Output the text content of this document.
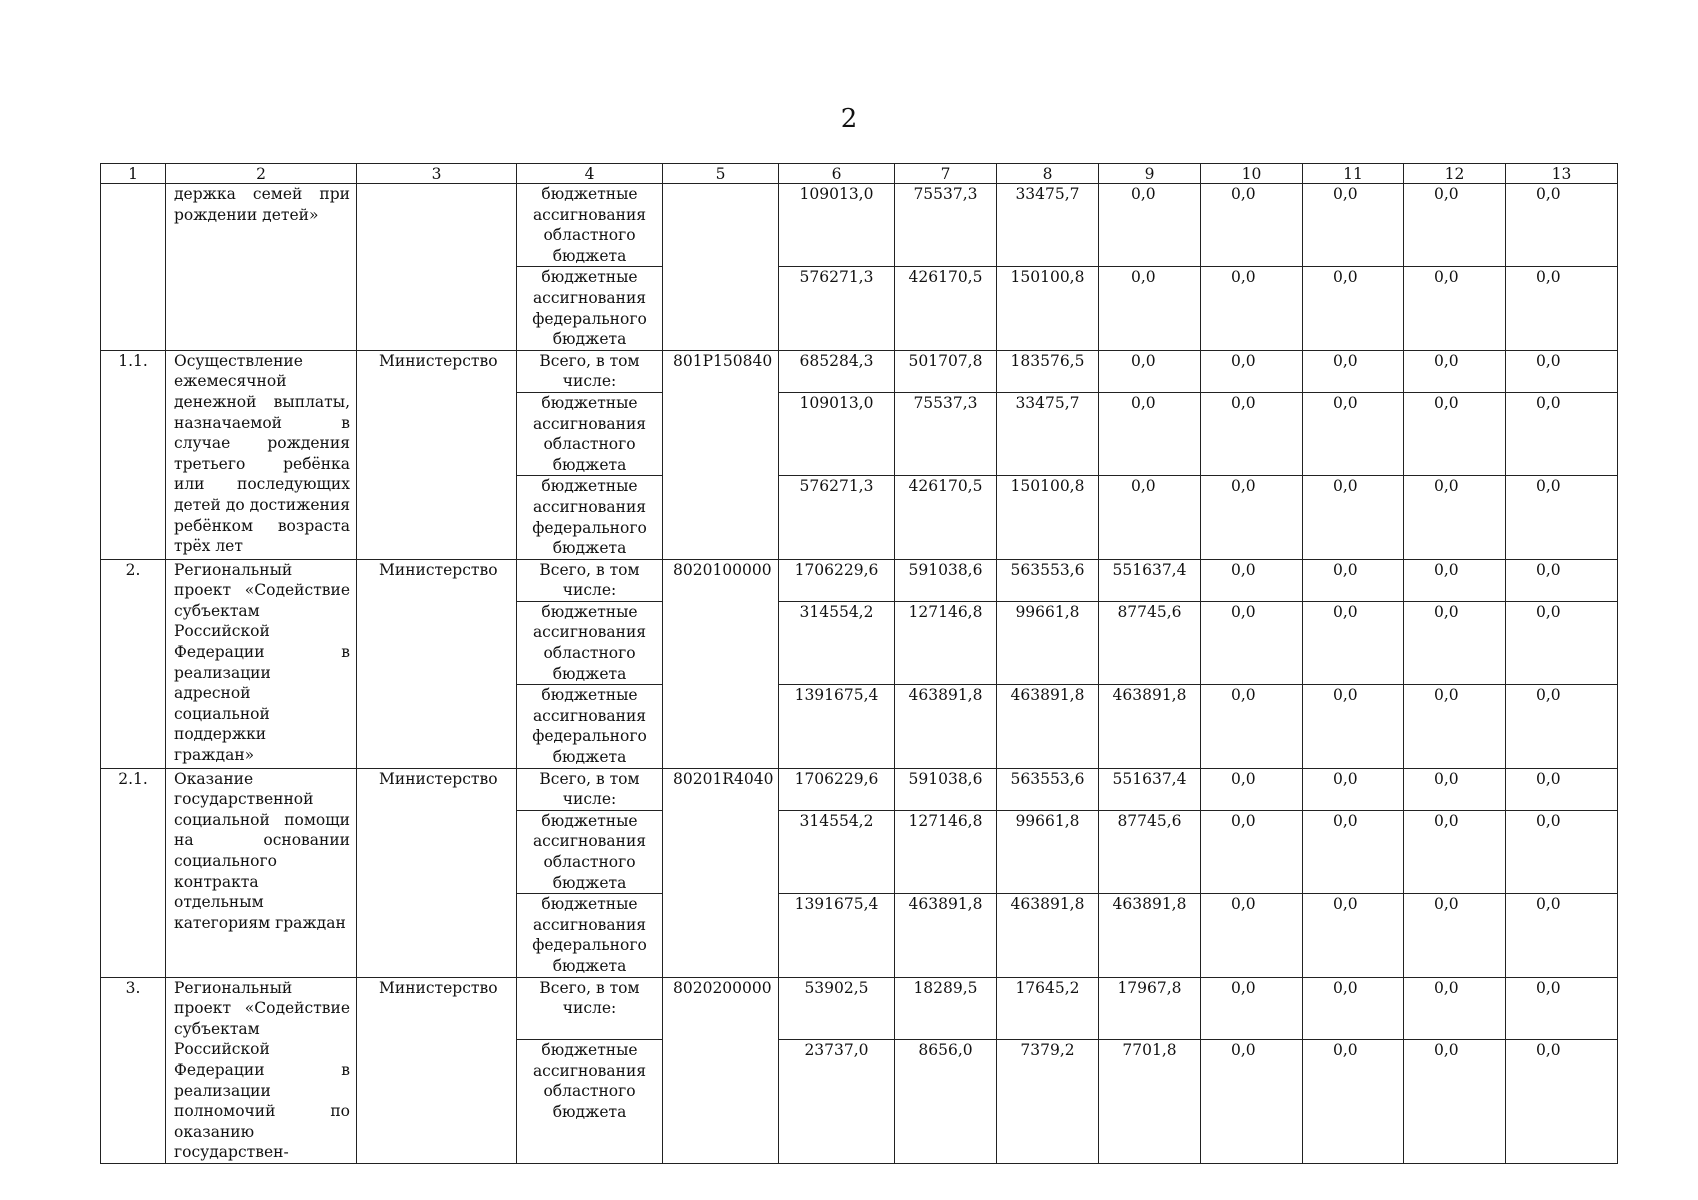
2
1	2	3	4	5	6	7	8	9	10	11	12	13
	держка семей при рождении детей»		бюджетные ассигнования областного бюджета		109013,0	75537,3	33475,7	0,0	0,0	0,0	0,0	0,0
			бюджетные ассигнования федерального бюджета		576271,3	426170,5	150100,8	0,0	0,0	0,0	0,0	0,0
1.1.	Осуществление ежемесячной денежной выплаты, назначаемой в случае рождения третьего ребёнка или последующих детей до достижения ребёнком возраста трёх лет	Министерство	Всего, в том числе:	801P150840	685284,3	501707,8	183576,5	0,0	0,0	0,0	0,0	0,0
			бюджетные ассигнования областного бюджета		109013,0	75537,3	33475,7	0,0	0,0	0,0	0,0	0,0
			бюджетные ассигнования федерального бюджета		576271,3	426170,5	150100,8	0,0	0,0	0,0	0,0	0,0
2.	Региональный проект «Содействие субъектам Российской Федерации в реализации адресной социальной поддержки граждан»	Министерство	Всего, в том числе:	8020100000	1706229,6	591038,6	563553,6	551637,4	0,0	0,0	0,0	0,0
			бюджетные ассигнования областного бюджета		314554,2	127146,8	99661,8	87745,6	0,0	0,0	0,0	0,0
			бюджетные ассигнования федерального бюджета		1391675,4	463891,8	463891,8	463891,8	0,0	0,0	0,0	0,0
2.1.	Оказание государственной социальной помощи на основании социального контракта отдельным категориям граждан	Министерство	Всего, в том числе:	80201R4040	1706229,6	591038,6	563553,6	551637,4	0,0	0,0	0,0	0,0
			бюджетные ассигнования областного бюджета		314554,2	127146,8	99661,8	87745,6	0,0	0,0	0,0	0,0
			бюджетные ассигнования федерального бюджета		1391675,4	463891,8	463891,8	463891,8	0,0	0,0	0,0	0,0
3.	Региональный проект «Содействие субъектам Российской Федерации в реализации полномочий по оказанию государствен-	Министерство	Всего, в том числе:	8020200000	53902,5	18289,5	17645,2	17967,8	0,0	0,0	0,0	0,0
			бюджетные ассигнования областного бюджета		23737,0	8656,0	7379,2	7701,8	0,0	0,0	0,0	0,0
